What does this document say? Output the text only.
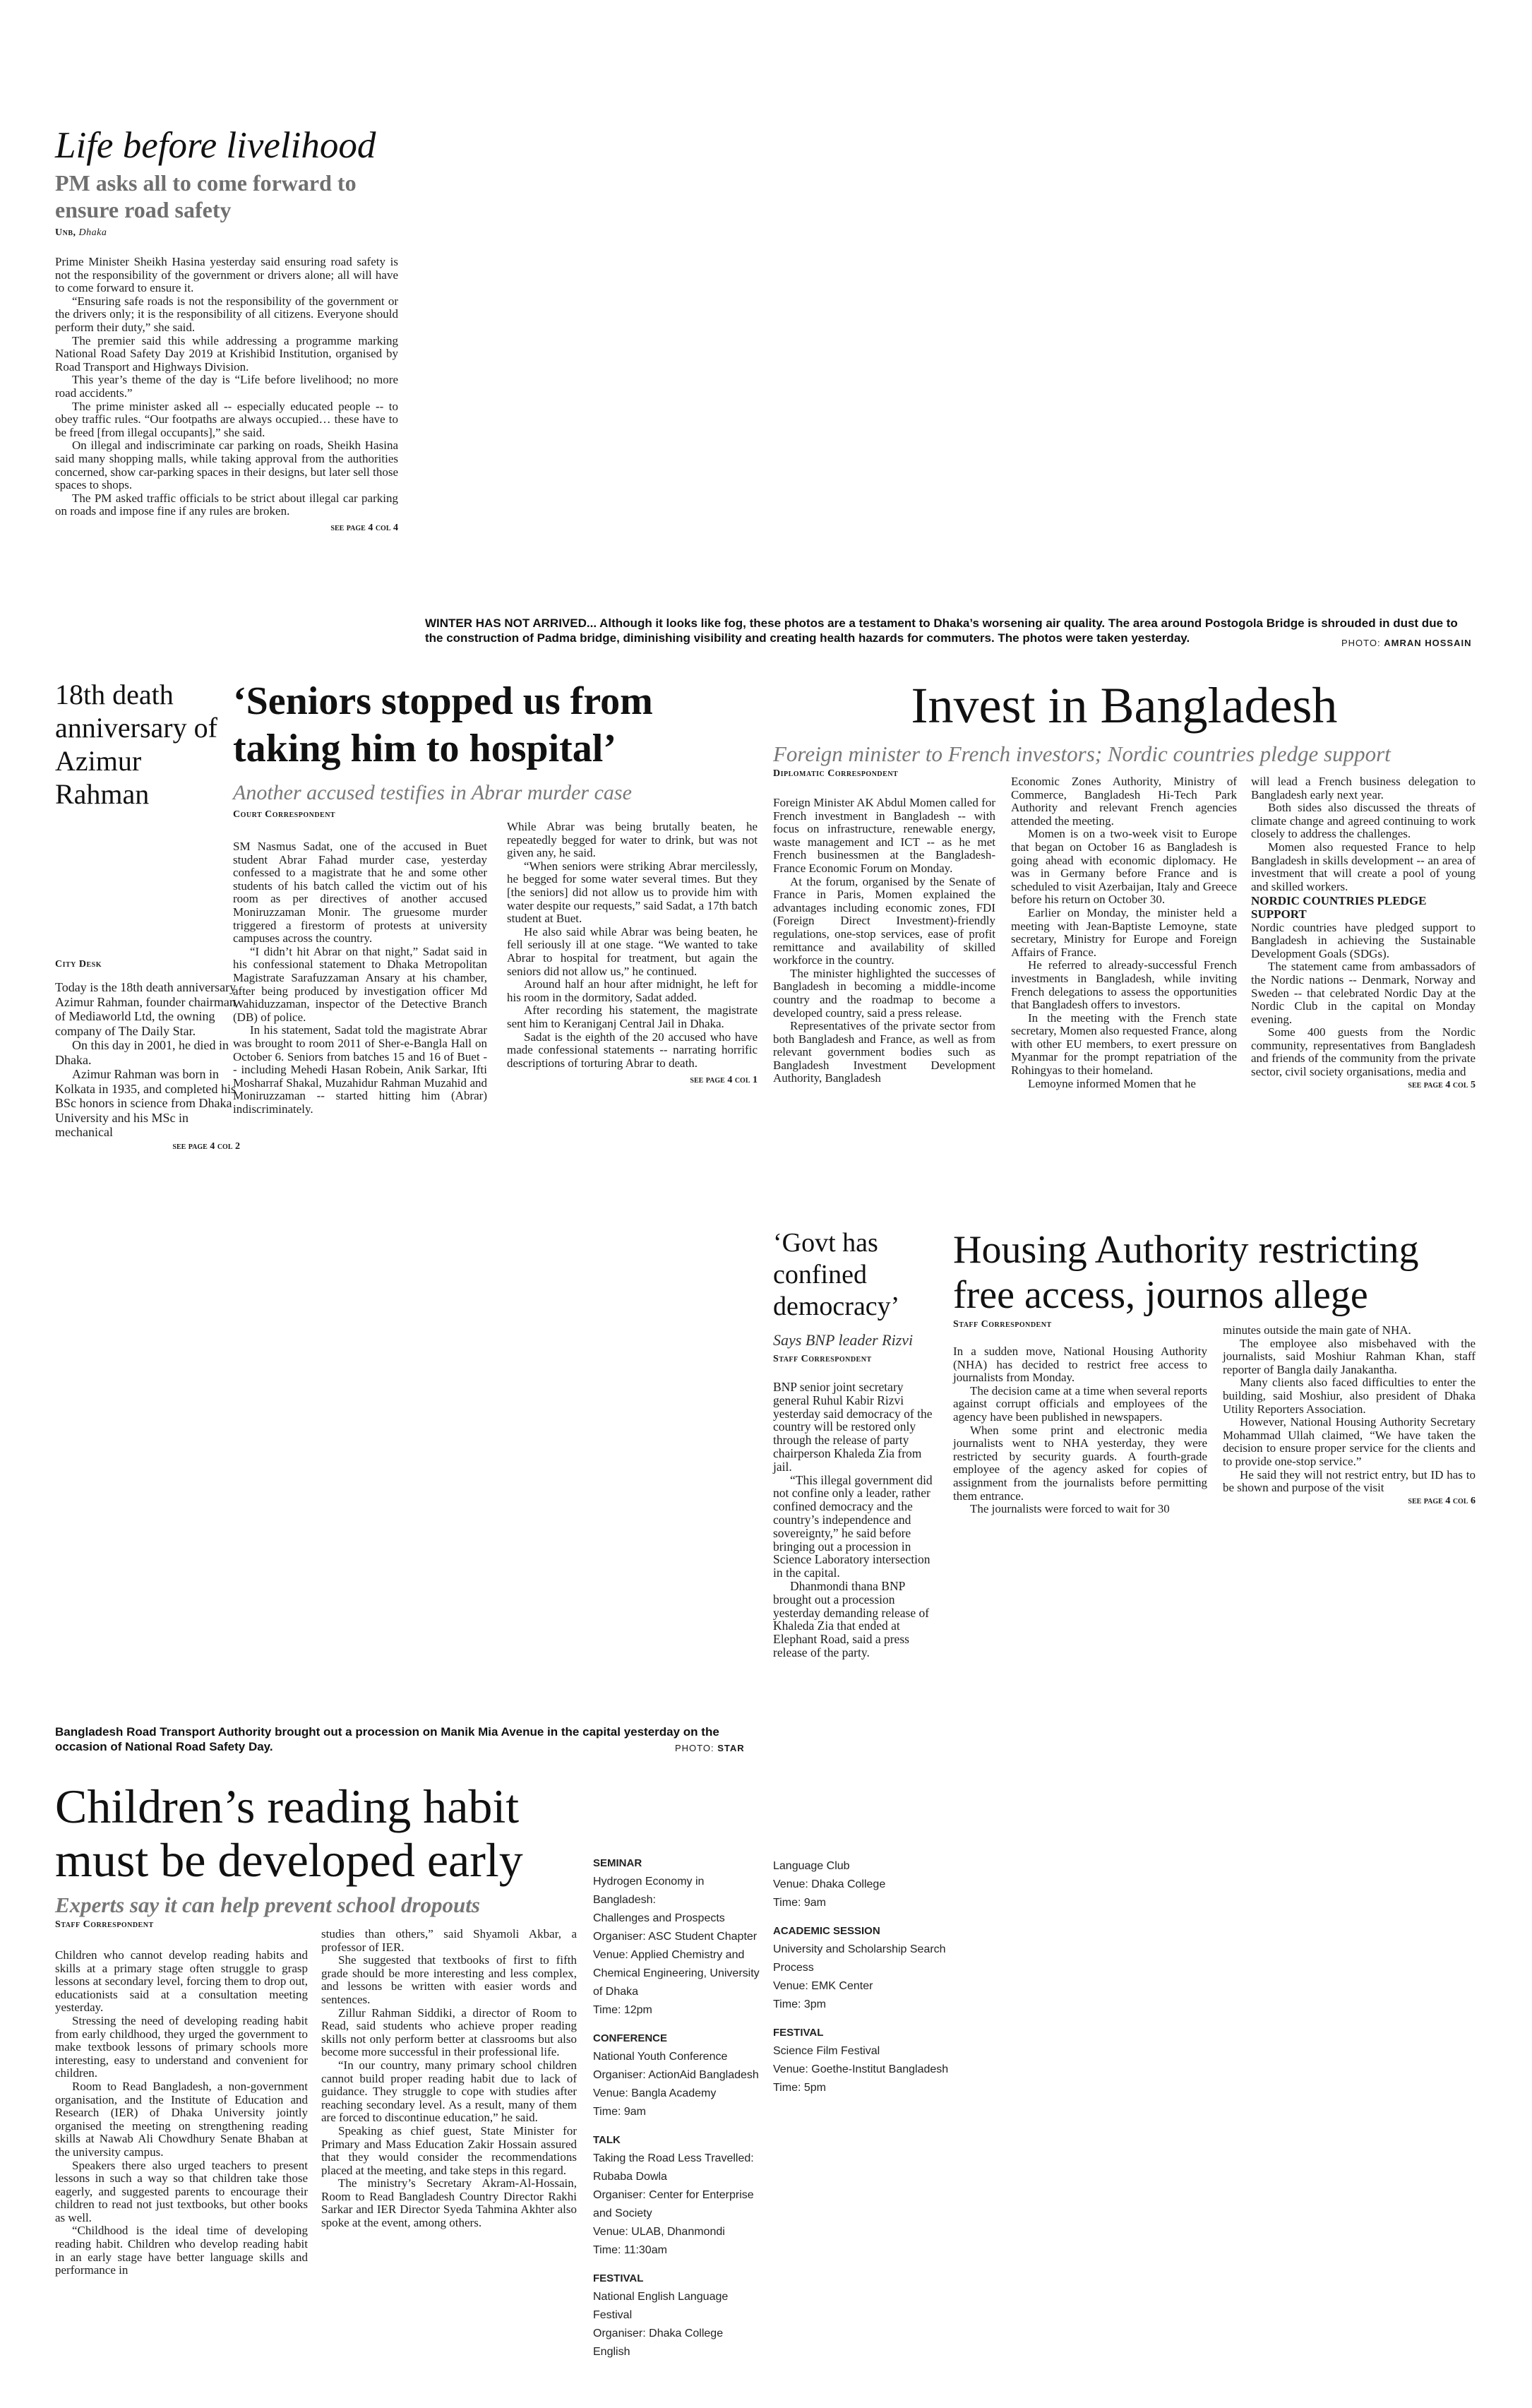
Life before livelihood
PM asks all to come forward to ensure road safety
Unb, Dhaka

Prime Minister Sheikh Hasina yesterday said ensuring road safety is not the responsibility of the government or drivers alone; all will have to come forward to ensure it.

“Ensuring safe roads is not the responsibility of the government or the drivers only; it is the responsibility of all citizens. Everyone should perform their duty,” she said.

The premier said this while addressing a programme marking National Road Safety Day 2019 at Krishibid Institution, organised by Road Transport and Highways Division.

This year’s theme of the day is “Life before livelihood; no more road accidents.”

The prime minister asked all -- especially educated people -- to obey traffic rules. “Our footpaths are always occupied… these have to be freed [from illegal occupants],” she said.

On illegal and indiscriminate car parking on roads, Sheikh Hasina said many shopping malls, while taking approval from the authorities concerned, show car-parking spaces in their designs, but later sell those spaces to shops.

The PM asked traffic officials to be strict about illegal car parking on roads and impose fine if any rules are broken.

see page 4 col 4
WINTER HAS NOT ARRIVED... Although it looks like fog, these photos are a testament to Dhaka’s worsening air quality. The area around Postogola Bridge is shrouded in dust due to the construction of Padma bridge, diminishing visibility and creating health hazards for commuters. The photos were taken yesterday.	PHOTO: AMRAN HOSSAIN
18th death anniversary of Azimur Rahman
City Desk

Today is the 18th death anniversary Azimur Rahman, founder chairman of Mediaworld Ltd, the owning company of The Daily Star.

On this day in 2001, he died in Dhaka.

Azimur Rahman was born in Kolkata in 1935, and completed his BSc honors in science from Dhaka University and his MSc in mechanical

see page 4 col 2
‘Seniors stopped us from taking him to hospital’
Another accused testifies in Abrar murder case
Court Correspondent

SM Nasmus Sadat, one of the accused in Buet student Abrar Fahad murder case, yesterday confessed to a magistrate that he and some other students of his batch called the victim out of his room as per directives of another accused Moniruzzaman Monir. The gruesome murder triggered a firestorm of protests at university campuses across the country.

“I didn’t hit Abrar on that night,” Sadat said in his confessional statement to Dhaka Metropolitan Magistrate Sarafuzzaman Ansary at his chamber, after being produced by investigation officer Md Wahiduzzaman, inspector of the Detective Branch (DB) of police.

In his statement, Sadat told the magistrate Abrar was brought to room 2011 of Sher-e-Bangla Hall on October 6. Seniors from batches 15 and 16 of Buet -- including Mehedi Hasan Robein, Anik Sarkar, Ifti Mosharraf Shakal, Muzahidur Rahman Muzahid and Moniruzzaman -- started hitting him (Abrar) indiscriminately.

While Abrar was being brutally beaten, he repeatedly begged for water to drink, but was not given any, he said.

“When seniors were striking Abrar mercilessly, he begged for some water several times. But they [the seniors] did not allow us to provide him with water despite our requests,” said Sadat, a 17th batch student at Buet.

He also said while Abrar was being beaten, he fell seriously ill at one stage. “We wanted to take Abrar to hospital for treatment, but again the seniors did not allow us,” he continued.

Around half an hour after midnight, he left for his room in the dormitory, Sadat added.

After recording his statement, the magistrate sent him to Keraniganj Central Jail in Dhaka.

Sadat is the eighth of the 20 accused who have made confessional statements -- narrating horrific descriptions of torturing Abrar to death.

see page 4 col 1
Invest in Bangladesh
Foreign minister to French investors; Nordic countries pledge support
Diplomatic Correspondent

Foreign Minister AK Abdul Momen called for French investment in Bangladesh -- with focus on infrastructure, renewable energy, waste management and ICT -- as he met French businessmen at the Bangladesh-France Economic Forum on Monday.

At the forum, organised by the Senate of France in Paris, Momen explained the advantages including economic zones, FDI (Foreign Direct Investment)-friendly regulations, one-stop services, ease of profit remittance and availability of skilled workforce in the country.

The minister highlighted the successes of Bangladesh in becoming a middle-income country and the roadmap to become a developed country, said a press release.

Representatives of the private sector from both Bangladesh and France, as well as from relevant government bodies such as Bangladesh Investment Development Authority, Bangladesh

Economic Zones Authority, Ministry of Commerce, Bangladesh Hi-Tech Park Authority and relevant French agencies attended the meeting.

Momen is on a two-week visit to Europe that began on October 16 as Bangladesh is going ahead with economic diplomacy. He was in Germany before France and is scheduled to visit Azerbaijan, Italy and Greece before his return on October 30.

Earlier on Monday, the minister held a meeting with Jean-Baptiste Lemoyne, state secretary, Ministry for Europe and Foreign Affairs of France.

He referred to already-successful French investments in Bangladesh, while inviting French delegations to assess the opportunities that Bangladesh offers to investors.

In the meeting with the French state secretary, Momen also requested France, along with other EU members, to exert pressure on Myanmar for the prompt repatriation of the Rohingyas to their homeland.

Lemoyne informed Momen that he

will lead a French business delegation to Bangladesh early next year.

Both sides also discussed the threats of climate change and agreed continuing to work closely to address the challenges.

Momen also requested France to help Bangladesh in skills development -- an area of investment that will create a pool of young and skilled workers.

NORDIC COUNTRIES PLEDGE SUPPORT

Nordic countries have pledged support to Bangladesh in achieving the Sustainable Development Goals (SDGs).

The statement came from ambassadors of the Nordic nations -- Denmark, Norway and Sweden -- that celebrated Nordic Day at the Nordic Club in the capital on Monday evening.

Some 400 guests from the Nordic community, representatives from Bangladesh and friends of the community from the private sector, civil society organisations, media and

see page 4 col 5
Bangladesh Road Transport Authority brought out a procession on Manik Mia Avenue in the capital yesterday on the occasion of National Road Safety Day.	PHOTO: STAR
‘Govt has confined democracy’
Says BNP leader Rizvi
Staff Correspondent

BNP senior joint secretary general Ruhul Kabir Rizvi yesterday said democracy of the country will be restored only through the release of party chairperson Khaleda Zia from jail.

“This illegal government did not confine only a leader, rather confined democracy and the country’s independence and sovereignty,” he said before bringing out a procession in Science Laboratory intersection in the capital.

Dhanmondi thana BNP brought out a procession yesterday demanding release of Khaleda Zia that ended at Elephant Road, said a press release of the party.

Housing Authority restricting free access, journos allege
Staff Correspondent

In a sudden move, National Housing Authority (NHA) has decided to restrict free access to journalists from Monday.

The decision came at a time when several reports against corrupt officials and employees of the agency have been published in newspapers.

When some print and electronic media journalists went to NHA yesterday, they were restricted by security guards. A fourth-grade employee of the agency asked for copies of assignment from the journalists before permitting them entrance.

The journalists were forced to wait for 30

minutes outside the main gate of NHA.

The employee also misbehaved with the journalists, said Moshiur Rahman Khan, staff reporter of Bangla daily Janakantha.

Many clients also faced difficulties to enter the building, said Moshiur, also president of Dhaka Utility Reporters Association.

However, National Housing Authority Secretary Mohammad Ullah claimed, “We have taken the decision to ensure proper service for the clients and to provide one-stop service.”

He said they will not restrict entry, but ID has to be shown and purpose of the visit

see page 4 col 6
Children’s reading habit must be developed early
Experts say it can help prevent school dropouts
Staff Correspondent

Children who cannot develop reading habits and skills at a primary stage often struggle to grasp lessons at secondary level, forcing them to drop out, educationists said at a consultation meeting yesterday.

Stressing the need of developing reading habit from early childhood, they urged the government to make textbook lessons of primary schools more interesting, easy to understand and convenient for children.

Room to Read Bangladesh, a non-government organisation, and the Institute of Education and Research (IER) of Dhaka University jointly organised the meeting on strengthening reading skills at Nawab Ali Chowdhury Senate Bhaban at the university campus.

Speakers there also urged teachers to present lessons in such a way so that children take those eagerly, and suggested parents to encourage their children to read not just textbooks, but other books as well.

“Childhood is the ideal time of developing reading habit. Children who develop reading habit in an early stage have better language skills and performance in

studies than others,” said Shyamoli Akbar, a professor of IER.

She suggested that textbooks of first to fifth grade should be more interesting and less complex, and lessons be written with easier words and sentences.

Zillur Rahman Siddiki, a director of Room to Read, said students who achieve proper reading skills not only perform better at classrooms but also become more successful in their professional life.

“In our country, many primary school children cannot build proper reading habit due to lack of guidance. They struggle to cope with studies after reaching secondary level. As a result, many of them are forced to discontinue education,” he said.

Speaking as chief guest, State Minister for Primary and Mass Education Zakir Hossain assured that they would consider the recommendations placed at the meeting, and take steps in this regard.

The ministry’s Secretary Akram-Al-Hossain, Room to Read Bangladesh Country Director Rakhi Sarkar and IER Director Syeda Tahmina Akhter also spoke at the event, among others.

SEMINAR
Hydrogen Economy in Bangladesh:
Challenges and Prospects
Organiser: ASC Student Chapter
Venue: Applied Chemistry and
Chemical Engineering, University
of Dhaka
Time: 12pm
CONFERENCE
National Youth Conference
Organiser: ActionAid Bangladesh
Venue: Bangla Academy
Time: 9am
TALK
Taking the Road Less Travelled:
Rubaba Dowla
Organiser: Center for Enterprise
and Society
Venue: ULAB, Dhanmondi
Time: 11:30am
FESTIVAL
National English Language Festival
Organiser: Dhaka College English
Language Club
Venue: Dhaka College
Time: 9am
ACADEMIC SESSION
University and Scholarship Search
Process
Venue: EMK Center
Time: 3pm
FESTIVAL
Science Film Festival
Venue: Goethe-Institut Bangladesh
Time: 5pm
